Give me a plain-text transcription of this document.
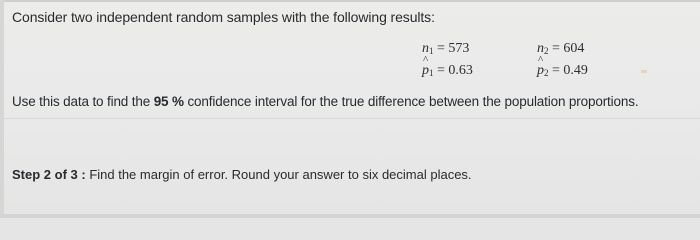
Consider two independent random samples with the following results:
$n_1 = 573$
^ $p_1 = 0.63$
$n_2 = 604$
^ $p_2 = 0.49$
Use this data to find the 95 % confidence interval for the true difference between the population proportions.
Step 2 of 3 : Find the margin of error. Round your answer to six decimal places.
